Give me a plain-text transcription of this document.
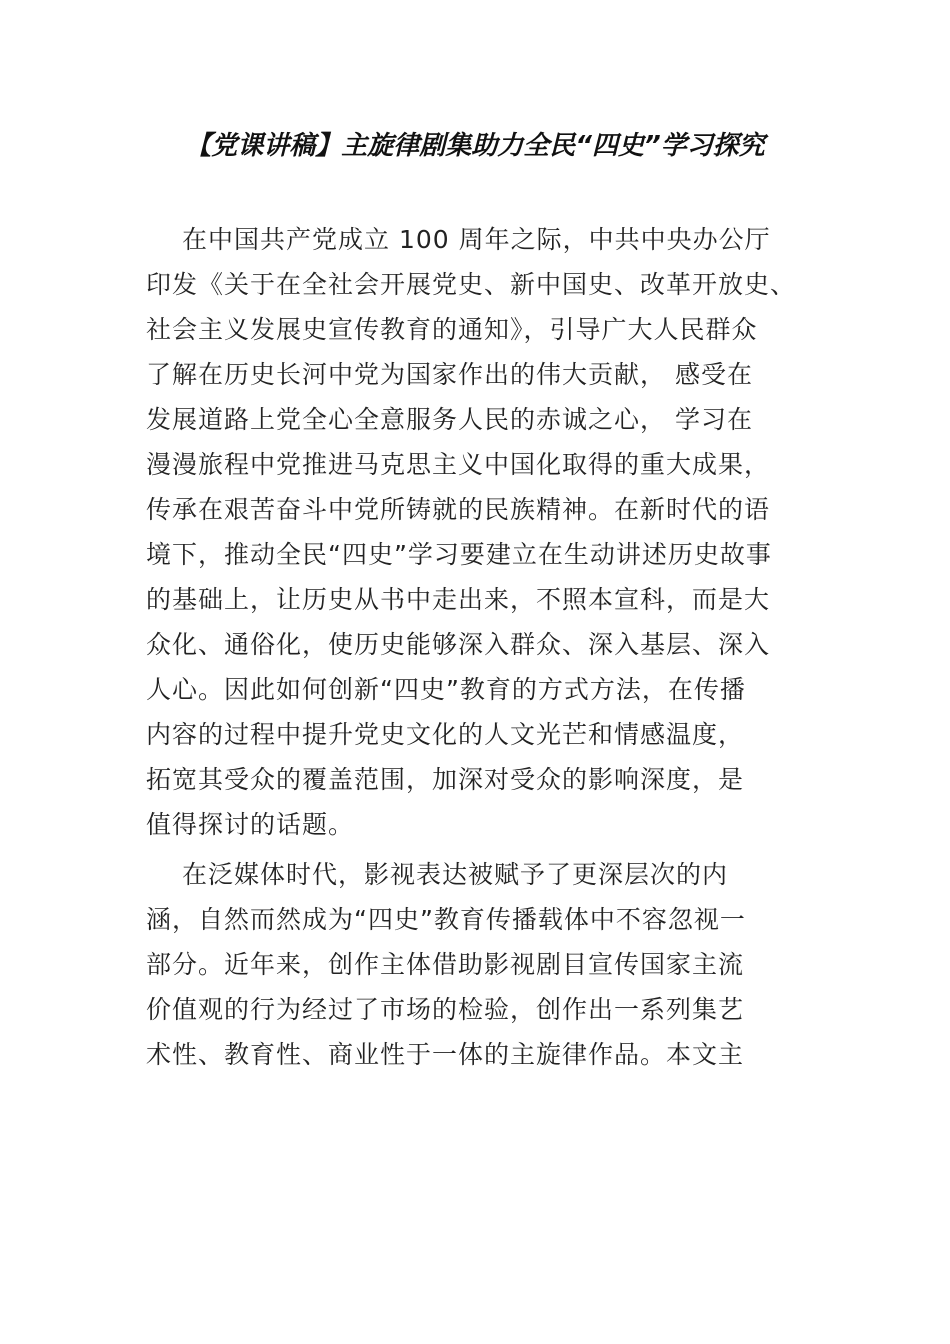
【党课讲稿】主旋律剧集助力全民“四史”学习探究
在中国共产党成立 100 周年之际，中共中央办公厅
印发《关于在全社会开展党史、新中国史、改革开放史、
社会主义发展史宣传教育的通知》，引导广大人民群众
了解在历史长河中党为国家作出的伟大贡献， 感受在
发展道路上党全心全意服务人民的赤诚之心， 学习在
漫漫旅程中党推进马克思主义中国化取得的重大成果，
传承在艰苦奋斗中党所铸就的民族精神。在新时代的语
境下，推动全民“四史”学习要建立在生动讲述历史故事
的基础上，让历史从书中走出来，不照本宣科，而是大
众化、通俗化，使历史能够深入群众、深入基层、深入
人心。因此如何创新“四史”教育的方式方法，在传播
内容的过程中提升党史文化的人文光芒和情感温度，
拓宽其受众的覆盖范围，加深对受众的影响深度，是
值得探讨的话题。
在泛媒体时代，影视表达被赋予了更深层次的内
涵，自然而然成为“四史”教育传播载体中不容忽视一
部分。近年来，创作主体借助影视剧目宣传国家主流
价值观的行为经过了市场的检验，创作出一系列集艺
术性、教育性、商业性于一体的主旋律作品。本文主
